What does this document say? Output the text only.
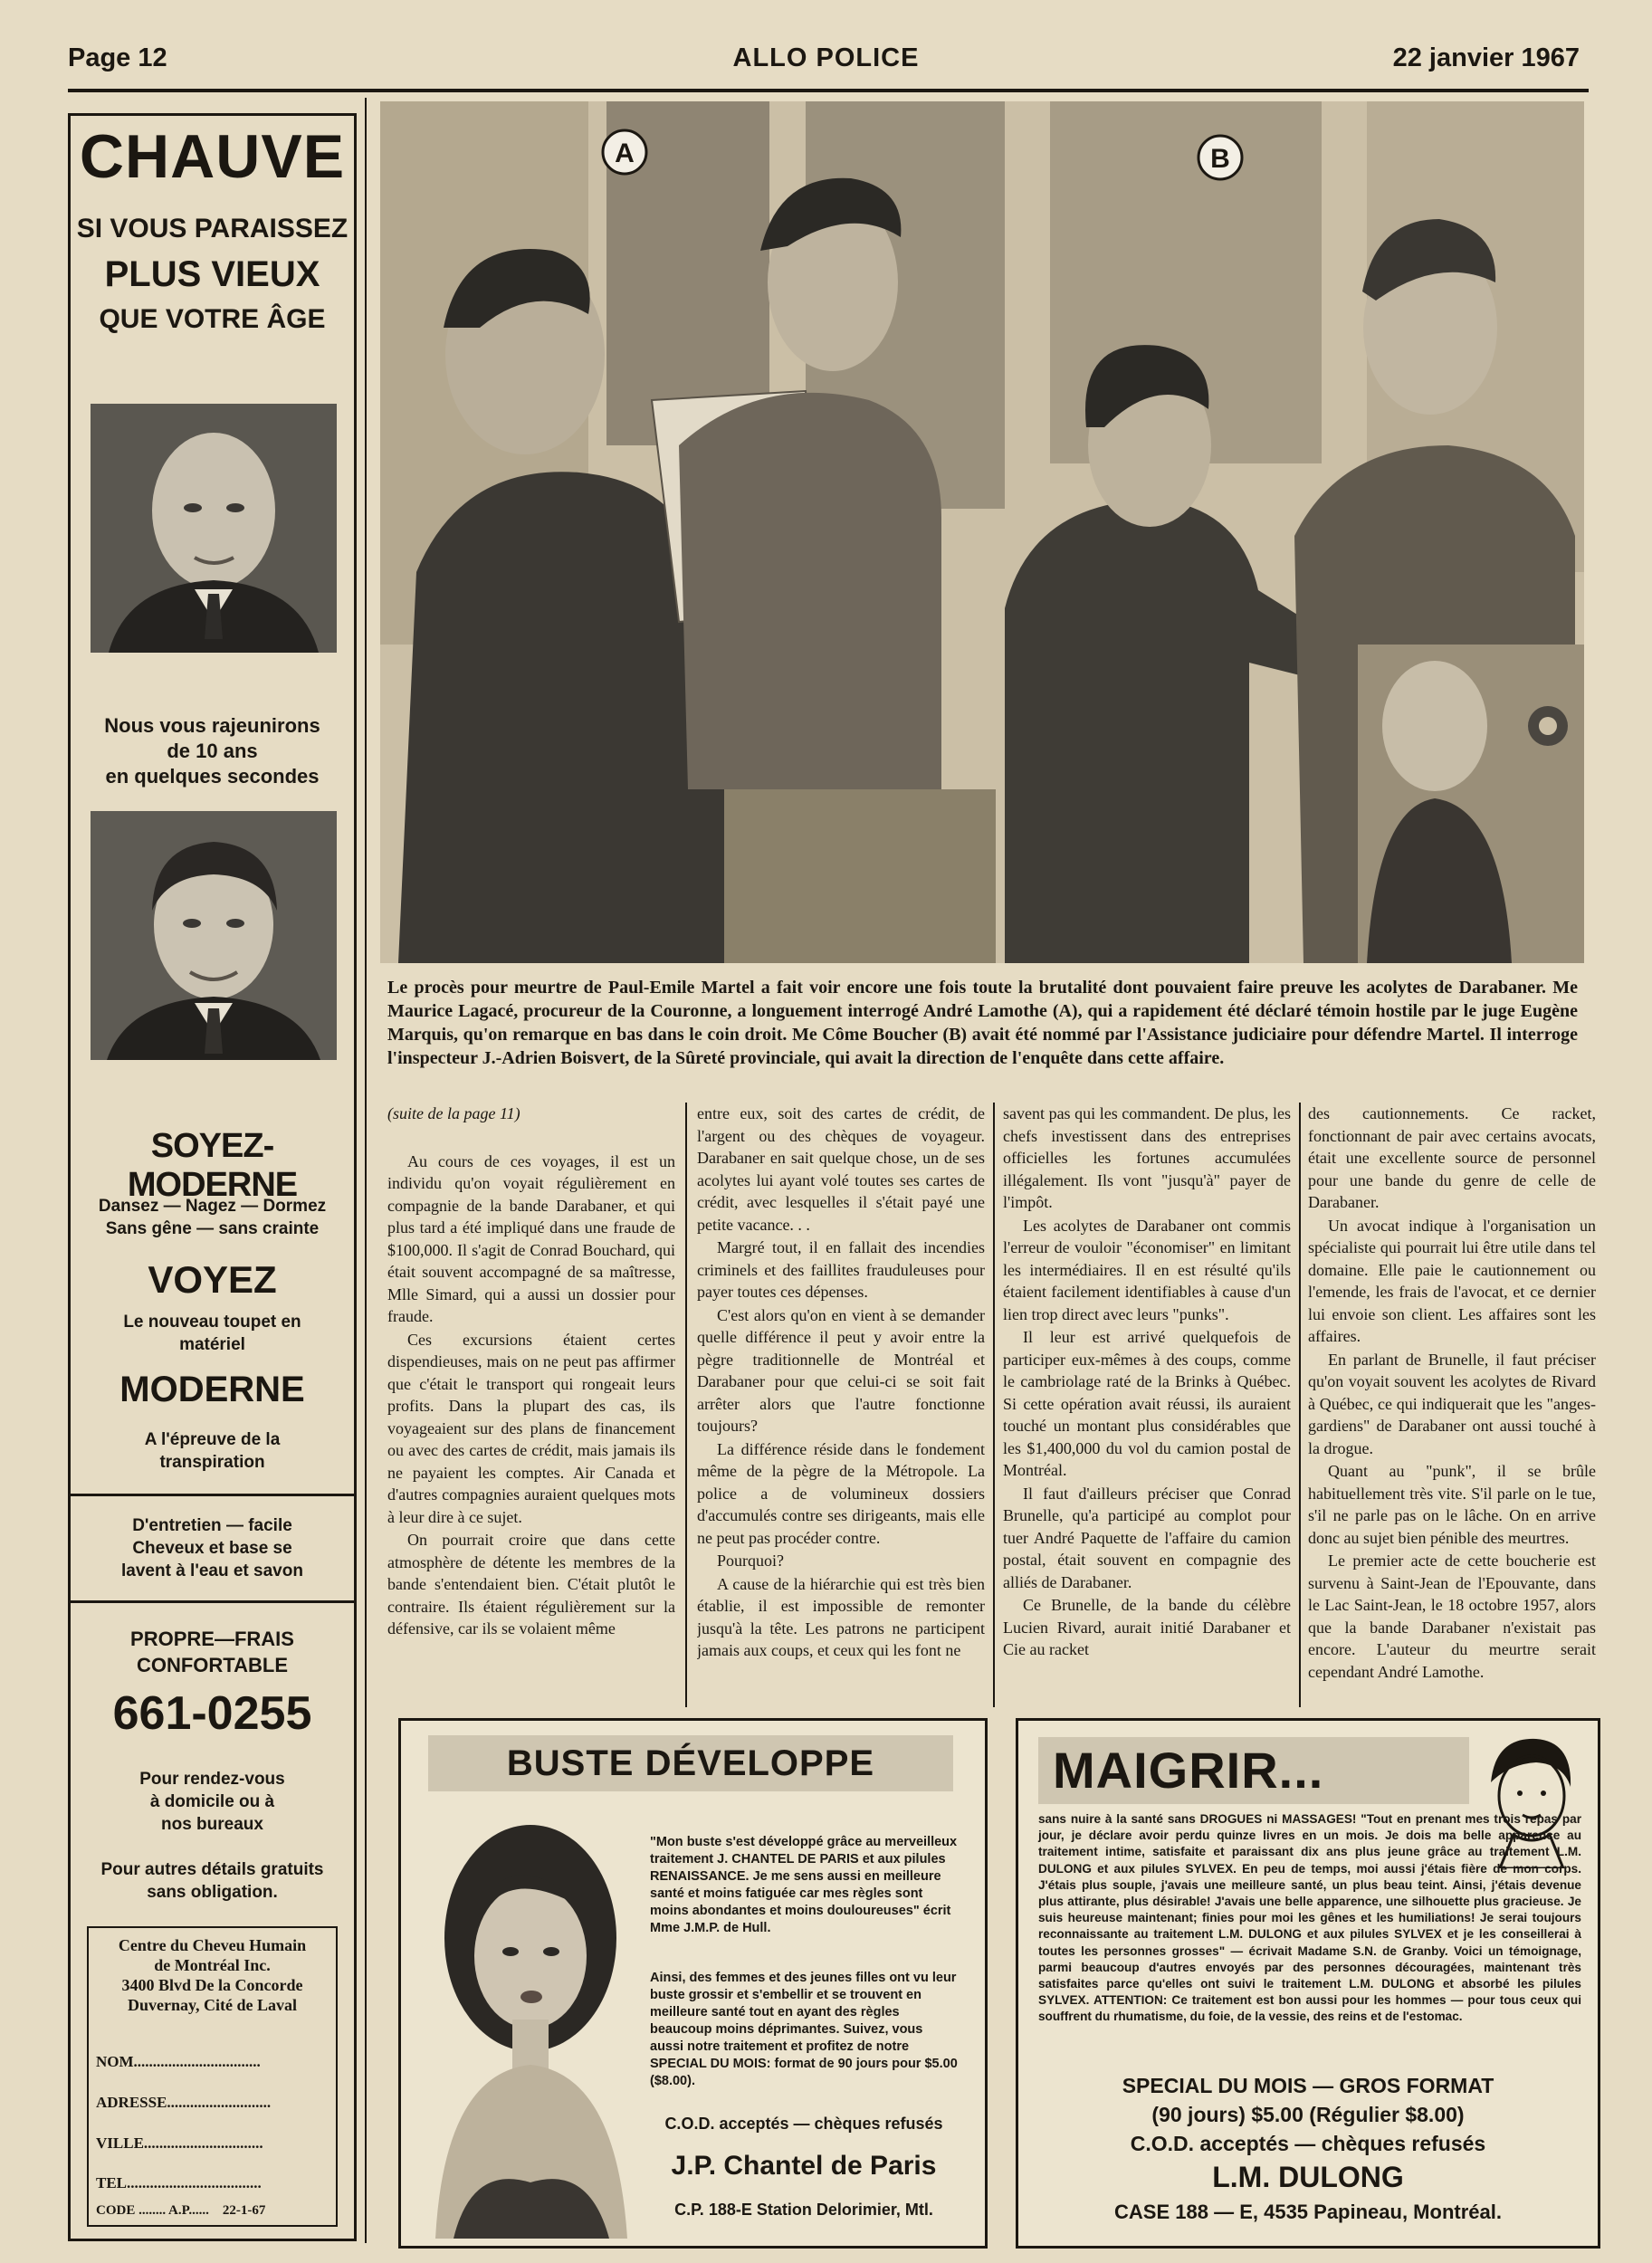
Page 12	ALLO POLICE	22 janvier 1967
CHAUVE
SI VOUS PARAISSEZ
PLUS VIEUX
QUE VOTRE ÂGE
Nous vous rajeunirons
de 10 ans
en quelques secondes
SOYEZ-MODERNE
Dansez — Nagez — Dormez
Sans gêne — sans crainte
VOYEZ
Le nouveau toupet en
matériel
MODERNE
A l'épreuve de la
transpiration
D'entretien — facile
Cheveux et base se
lavent à l'eau et savon
PROPRE—FRAIS
CONFORTABLE
661-0255
Pour rendez-vous
à domicile ou à
nos bureaux
Pour autres détails gratuits
sans obligation.
Centre du Cheveu Humain
de Montréal Inc.
3400 Blvd De la Concorde
Duvernay, Cité de Laval
NOM.................................
ADRESSE...........................
VILLE...............................
TEL...................................
CODE ........ A.P......    22-1-67
A	B
Le procès pour meurtre de Paul-Emile Martel a fait voir encore une fois toute la brutalité dont pouvaient faire preuve les acolytes de Darabaner. Me Maurice Lagacé, procureur de la Couronne, a longuement interrogé André Lamothe (A), qui a rapidement été déclaré témoin hostile par le juge Eugène Marquis, qu'on remarque en bas dans le coin droit. Me Côme Boucher (B) avait été nommé par l'Assistance judiciaire pour défendre Martel. Il interroge l'inspecteur J.-Adrien Boisvert, de la Sûreté provinciale, qui avait la direction de l'enquête dans cette affaire.

(suite de la page 11)

Au cours de ces voyages, il est un individu qu'on voyait régulièrement en compagnie de la bande Darabaner, et qui plus tard a été impliqué dans une fraude de $100,000. Il s'agit de Conrad Bouchard, qui était souvent accompagné de sa maîtresse, Mlle Simard, qui a aussi un dossier pour fraude.

Ces excursions étaient certes dispendieuses, mais on ne peut pas affirmer que c'était le transport qui rongeait leurs profits. Dans la plupart des cas, ils voyageaient sur des plans de financement ou avec des cartes de crédit, mais jamais ils ne payaient les comptes. Air Canada et d'autres compagnies auraient quelques mots à leur dire à ce sujet.

On pourrait croire que dans cette atmosphère de détente les membres de la bande s'entendaient bien. C'était plutôt le contraire. Ils étaient régulièrement sur la défensive, car ils se volaient même

entre eux, soit des cartes de crédit, de l'argent ou des chèques de voyageur. Darabaner en sait quelque chose, un de ses acolytes lui ayant volé toutes ses cartes de crédit, avec lesquelles il s'était payé une petite vacance. . .

Margré tout, il en fallait des incendies criminels et des faillites frauduleuses pour payer toutes ces dépenses.

C'est alors qu'on en vient à se demander quelle différence il peut y avoir entre la pègre traditionnelle de Montréal et Darabaner pour que celui-ci se soit fait arrêter alors que l'autre fonctionne toujours?

La différence réside dans le fondement même de la pègre de la Métropole. La police a de volumineux dossiers d'accumulés contre ses dirigeants, mais elle ne peut pas procéder contre.

Pourquoi?

A cause de la hiérarchie qui est très bien établie, il est impossible de remonter jusqu'à la tête. Les patrons ne participent jamais aux coups, et ceux qui les font ne

savent pas qui les commandent. De plus, les chefs investissent dans des entreprises officielles les fortunes accumulées illégalement. Ils vont "jusqu'à" payer de l'impôt.

Les acolytes de Darabaner ont commis l'erreur de vouloir "économiser" en limitant les intermédiaires. Il en est résulté qu'ils étaient facilement identifiables à cause d'un lien trop direct avec leurs "punks".

Il leur est arrivé quelquefois de participer eux-mêmes à des coups, comme le cambriolage raté de la Brinks à Québec. Si cette opération avait réussi, ils auraient touché un montant plus considérables que les $1,400,000 du vol du camion postal de Montréal.

Il faut d'ailleurs préciser que Conrad Brunelle, qu'a participé au complot pour tuer André Paquette de l'affaire du camion postal, était souvent en compagnie des alliés de Darabaner.

Ce Brunelle, de la bande du célèbre Lucien Rivard, aurait initié Darabaner et Cie au racket

des cautionnements. Ce racket, fonctionnant de pair avec certains avocats, était une excellente source de personnel pour une bande du genre de celle de Darabaner.

Un avocat indique à l'organisation un spécialiste qui pourrait lui être utile dans tel domaine. Elle paie le cautionnement ou l'emende, les frais de l'avocat, et ce dernier lui envoie son client. Les affaires sont les affaires.

En parlant de Brunelle, il faut préciser qu'on voyait souvent les acolytes de Rivard à Québec, ce qui indiquerait que les "anges-gardiens" de Darabaner ont aussi touché à la drogue.

Quant au "punk", il se brûle habituellement très vite. S'il parle on le tue, s'il ne parle pas on le lâche. On en arrive donc au sujet bien pénible des meurtres.

Le premier acte de cette boucherie est survenu à Saint-Jean de l'Epouvante, dans le Lac Saint-Jean, le 18 octobre 1957, alors que la bande Darabaner n'existait pas encore. L'auteur du meurtre serait cependant André Lamothe.

BUSTE DÉVELOPPE
"Mon buste s'est développé grâce au merveilleux traitement J. CHANTEL DE PARIS et aux pilules RENAISSANCE. Je me sens aussi en meilleure santé et moins fatiguée car mes règles sont moins abondantes et moins douloureuses" écrit Mme J.M.P. de Hull.
Ainsi, des femmes et des jeunes filles ont vu leur buste grossir et s'embellir et se trouvent en meilleure santé tout en ayant des règles beaucoup moins déprimantes. Suivez, vous aussi notre traitement et profitez de notre SPECIAL DU MOIS: format de 90 jours pour $5.00 ($8.00).
C.O.D. acceptés — chèques refusés
J.P. Chantel de Paris
C.P. 188-E Station Delorimier, Mtl.
MAIGRIR...
sans nuire à la santé sans DROGUES ni MASSAGES! "Tout en prenant mes trois repas par jour, je déclare avoir perdu quinze livres en un mois. Je dois ma belle apparence au traitement intime, satisfaite et paraissant dix ans plus jeune grâce au traitement L.M. DULONG et aux pilules SYLVEX. En peu de temps, moi aussi j'étais fière de mon corps. J'étais plus souple, j'avais une meilleure santé, un plus beau teint. Ainsi, j'étais devenue plus attirante, plus désirable! J'avais une belle apparence, une silhouette plus gracieuse. Je suis heureuse maintenant; finies pour moi les gênes et les humiliations! Je serai toujours reconnaissante au traitement L.M. DULONG et aux pilules SYLVEX et je les conseillerai à toutes les personnes grosses" — écrivait Madame S.N. de Granby. Voici un témoignage, parmi beaucoup d'autres envoyés par des personnes découragées, maintenant très satisfaites parce qu'elles ont suivi le traitement L.M. DULONG et absorbé les pilules SYLVEX. ATTENTION: Ce traitement est bon aussi pour les hommes — pour tous ceux qui souffrent du rhumatisme, du foie, de la vessie, des reins et de l'estomac.
SPECIAL DU MOIS — GROS FORMAT
(90 jours) $5.00 (Régulier $8.00)
C.O.D. acceptés — chèques refusés
L.M. DULONG
CASE 188 — E, 4535 Papineau, Montréal.
